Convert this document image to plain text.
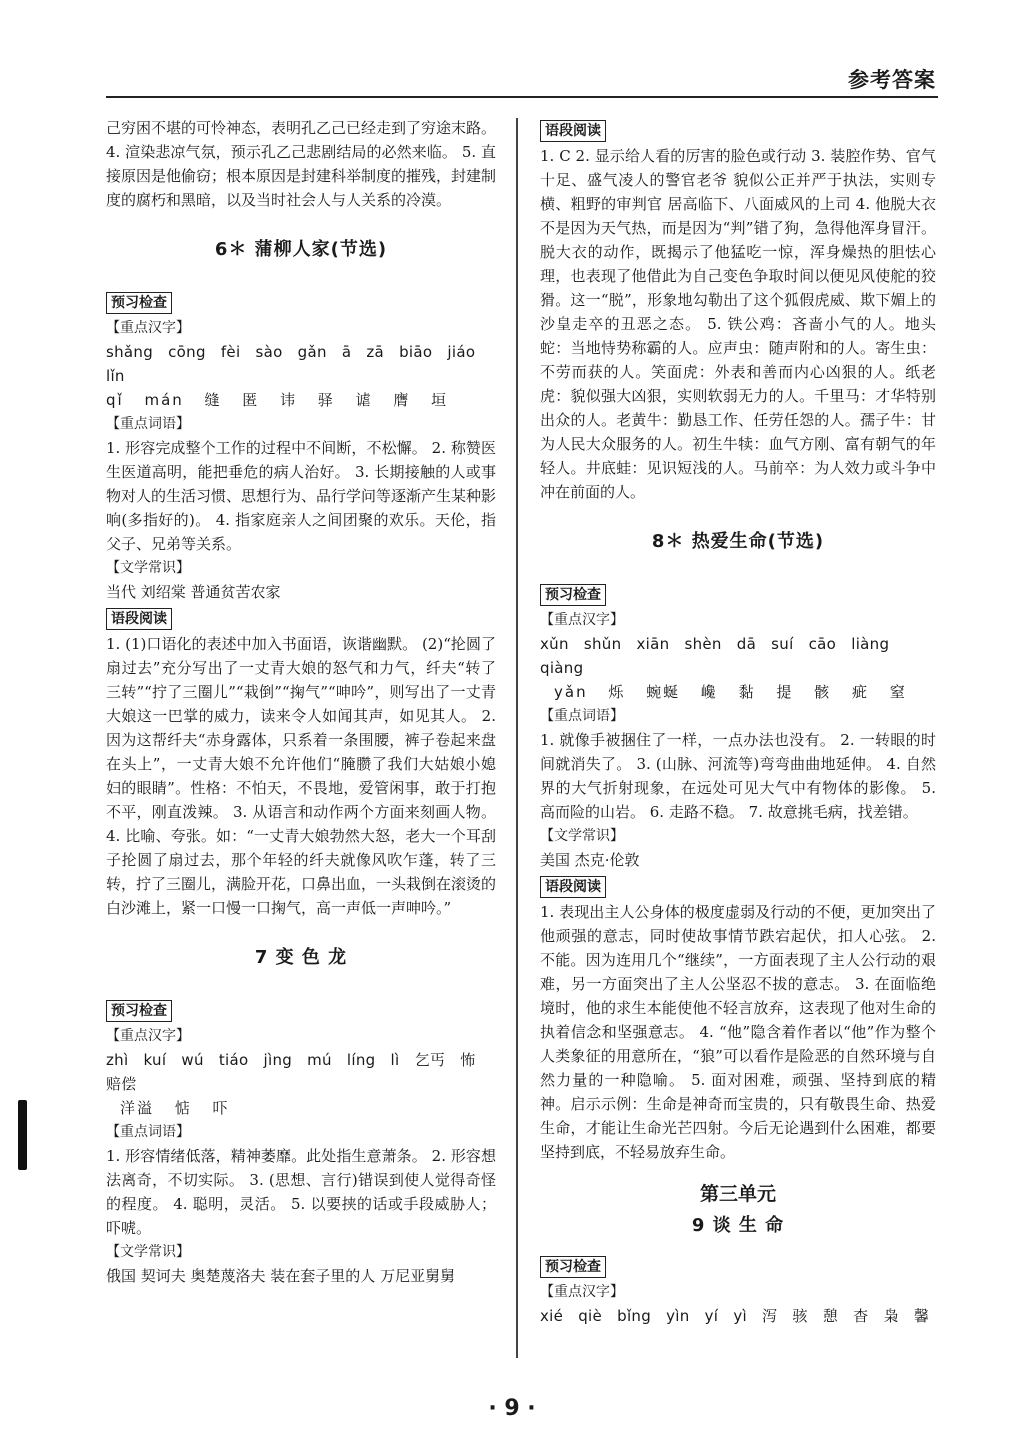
参考答案

己穷困不堪的可怜神态，表明孔乙己已经走到了穷途末路。 4. 渲染悲凉气氛，预示孔乙己悲剧结局的必然来临。 5. 直接原因是他偷窃；根本原因是封建科举制度的摧残，封建制度的腐朽和黑暗，以及当时社会人与人关系的冷漠。

6＊ 蒲柳人家(节选)
预习检查
【重点汉字】
shǎng cōng fèi sào gǎn ā zā biāo jiáo lǐn
qǐ mán 缝 匿 讳 驿 谑 膺 垣
【重点词语】

1. 形容完成整个工作的过程中不间断，不松懈。 2. 称赞医生医道高明，能把垂危的病人治好。 3. 长期接触的人或事物对人的生活习惯、思想行为、品行学问等逐渐产生某种影响(多指好的)。 4. 指家庭亲人之间团聚的欢乐。天伦，指父子、兄弟等关系。

【文学常识】

当代 刘绍棠 普通贫苦农家

语段阅读

1. (1)口语化的表述中加入书面语，诙谐幽默。 (2)“抡圆了扇过去”充分写出了一丈青大娘的怒气和力气，纤夫“转了三转”“拧了三圈儿”“栽倒”“掬气”“呻吟”，则写出了一丈青大娘这一巴掌的威力，读来令人如闻其声，如见其人。 2. 因为这帮纤夫“赤身露体，只系着一条围腰，裤子卷起来盘在头上”，一丈青大娘不允许他们“腌臜了我们大姑娘小媳妇的眼睛”。性格：不怕天，不畏地，爱管闲事，敢于打抱不平，刚直泼辣。 3. 从语言和动作两个方面来刻画人物。 4. 比喻、夸张。如：“一丈青大娘勃然大怒，老大一个耳刮子抡圆了扇过去，那个年轻的纤夫就像风吹乍蓬，转了三转，拧了三圈儿，满脸开花，口鼻出血，一头栽倒在滚烫的白沙滩上，紧一口慢一口掬气，高一声低一声呻吟。”

7 变 色 龙
预习检查
【重点汉字】
zhì kuí wú tiáo jìng mú líng lì 乞丐 怖 赔偿
洋溢 惦 吓
【重点词语】

1. 形容情绪低落，精神萎靡。此处指生意萧条。 2. 形容想法离奇，不切实际。 3. (思想、言行)错误到使人觉得奇怪的程度。 4. 聪明，灵活。 5. 以要挟的话或手段威胁人；吓唬。

【文学常识】

俄国 契诃夫 奥楚蔑洛夫 装在套子里的人 万尼亚舅舅

语段阅读

1. C 2. 显示给人看的厉害的脸色或行动 3. 装腔作势、官气十足、盛气凌人的警官老爷 貌似公正并严于执法，实则专横、粗野的审判官 居高临下、八面威风的上司 4. 他脱大衣不是因为天气热，而是因为“判”错了狗，急得他浑身冒汗。脱大衣的动作，既揭示了他猛吃一惊，浑身燥热的胆怯心理，也表现了他借此为自己变色争取时间以便见风使舵的狡猾。这一“脱”，形象地勾勒出了这个狐假虎威、欺下媚上的沙皇走卒的丑恶之态。 5. 铁公鸡：吝啬小气的人。地头蛇：当地恃势称霸的人。应声虫：随声附和的人。寄生虫：不劳而获的人。笑面虎：外表和善而内心凶狠的人。纸老虎：貌似强大凶狠，实则软弱无力的人。千里马：才华特别出众的人。老黄牛：勤恳工作、任劳任怨的人。孺子牛：甘为人民大众服务的人。初生牛犊：血气方刚、富有朝气的年轻人。井底蛙：见识短浅的人。马前卒：为人效力或斗争中冲在前面的人。

8＊ 热爱生命(节选)
预习检查
【重点汉字】
xǔn shǔn xiān shèn dā suí cāo liàng qiàng
yǎn 烁 蜿蜒 巉 黏 提 骸 疵 窒
【重点词语】

1. 就像手被捆住了一样，一点办法也没有。 2. 一转眼的时间就消失了。 3. (山脉、河流等)弯弯曲曲地延伸。 4. 自然界的大气折射现象，在远处可见大气中有物体的影像。 5. 高而险的山岩。 6. 走路不稳。 7. 故意挑毛病，找差错。

【文学常识】

美国 杰克·伦敦

语段阅读

1. 表现出主人公身体的极度虚弱及行动的不便，更加突出了他顽强的意志，同时使故事情节跌宕起伏，扣人心弦。 2. 不能。因为连用几个“继续”，一方面表现了主人公行动的艰难，另一方面突出了主人公坚忍不拔的意志。 3. 在面临绝境时，他的求生本能使他不轻言放弃，这表现了他对生命的执着信念和坚强意志。 4. “他”隐含着作者以“他”作为整个人类象征的用意所在，“狼”可以看作是险恶的自然环境与自然力量的一种隐喻。 5. 面对困难，顽强、坚持到底的精神。启示示例：生命是神奇而宝贵的，只有敬畏生命、热爱生命，才能让生命光芒四射。今后无论遇到什么困难，都要坚持到底，不轻易放弃生命。

第三单元
9 谈 生 命
预习检查
【重点汉字】
xié qiè bǐng yìn yí yì 泻 骇 憩 杳 枭 馨
· 9 ·
